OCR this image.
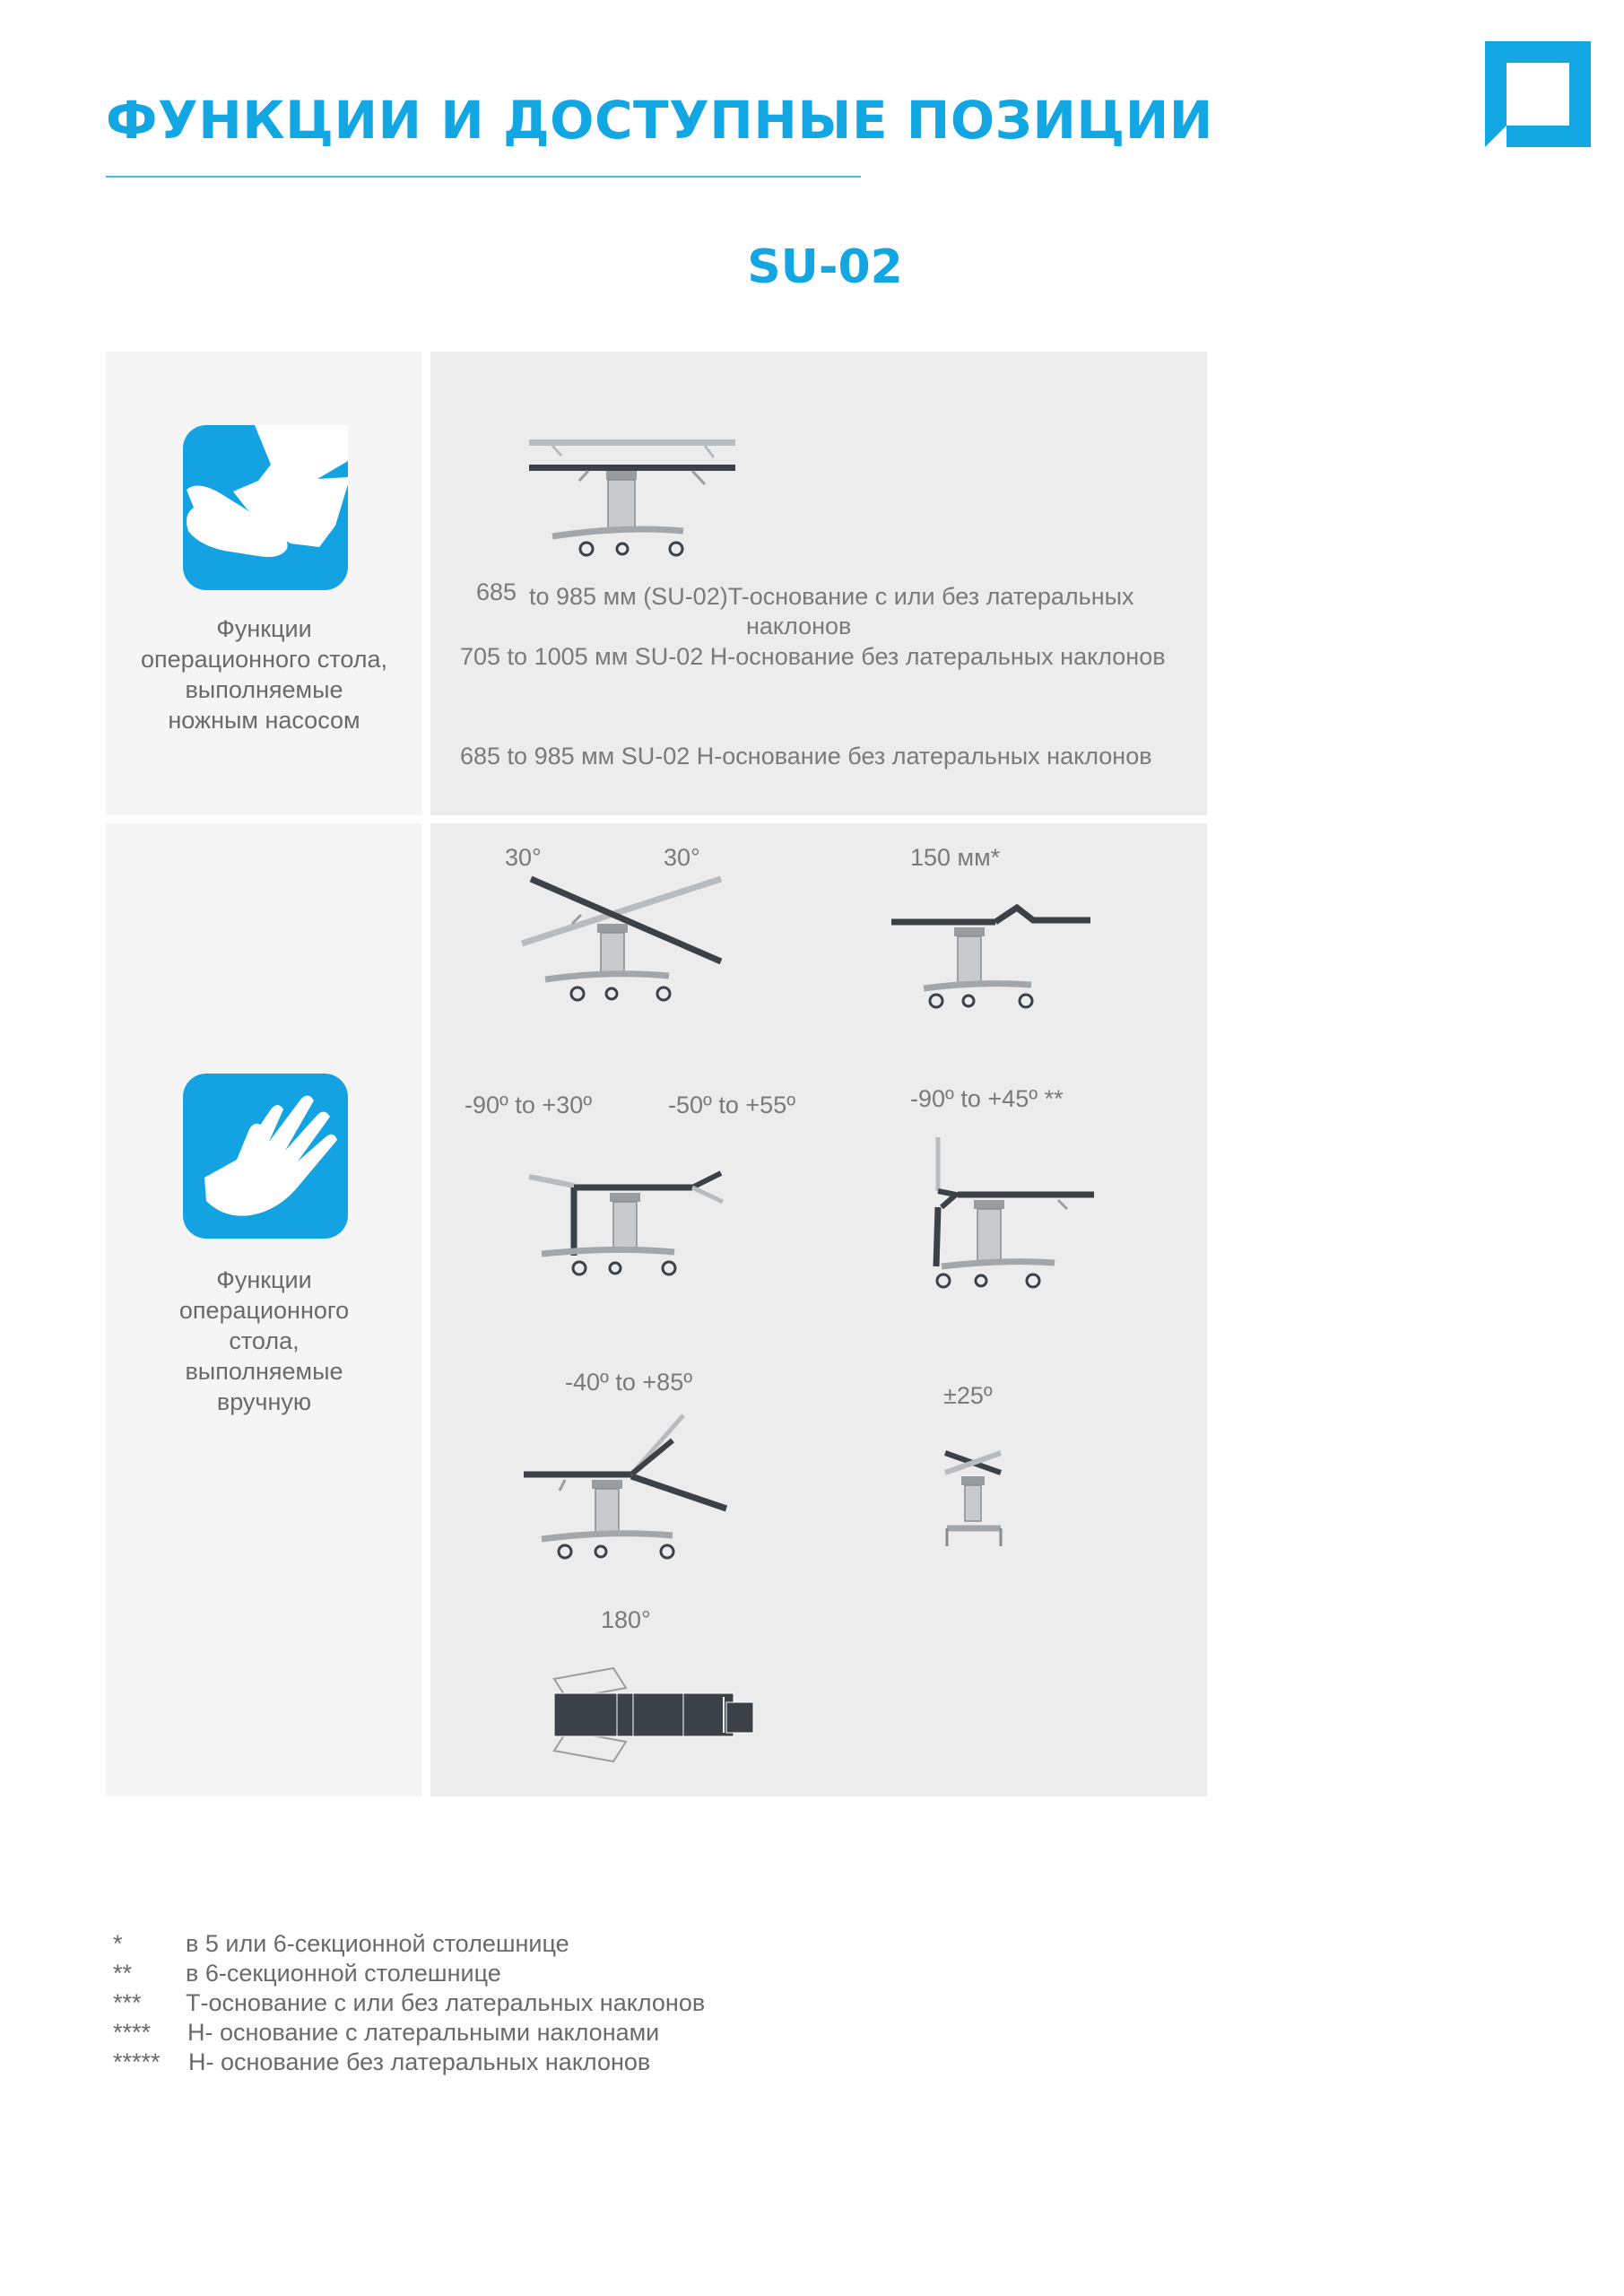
ФУНКЦИИ И ДОСТУПНЫЕ ПОЗИЦИИ
SU-02
Функции
операционного стола,
выполняемые
ножным насосом
685 to 985 мм (SU-02)T-основание с или без латеральных
наклонов
705 to 1005 мм SU-02 H-основание без латеральных наклонов
685 to 985 мм SU-02 H-основание без латеральных наклонов
Функции
операционного
стола,
выполняемые
вручную
30°	30°	150 мм*
-90º to +30º	-50º to +55º	-90º to +45º **
-40º to +85º	±25º
180°
*	в 5 или 6-секционной столешнице
** в 6-секционной столешнице
*** Т-основание с или без латеральных наклонов
**** H- основание с латеральными наклонами
***** H- основание без латеральных наклонов
